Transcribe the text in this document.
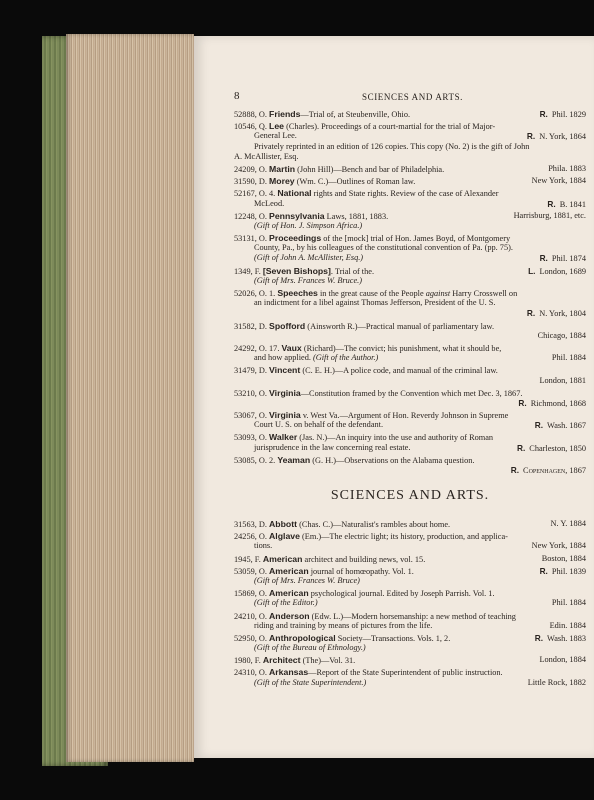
8	SCIENCES AND ARTS.
52888, O. Friends—Trial of, at Steubenville, Ohio.	R. Phil. 1829
10546, Q. Lee (Charles). Proceedings of a court-martial for the trial of Major-
General Lee.	R. N. York, 1864
Privately reprinted in an edition of 126 copies. This copy (No. 2) is the gift of John
A. McAllister, Esq.
24209, O. Martin (John Hill)—Bench and bar of Philadelphia.	Phila. 1883
31590, D. Morey (Wm. C.)—Outlines of Roman law.	New York, 1884
52167, O. 4. National rights and State rights. Review of the case of Alexander
McLeod.	R. B. 1841
12248, O. Pennsylvania Laws, 1881, 1883.	Harrisburg, 1881, etc.
(Gift of Hon. J. Simpson Africa.)
53131, O. Proceedings of the [mock] trial of Hon. James Boyd, of Montgomery
County, Pa., by his colleagues of the constitutional convention of Pa. (pp. 75).
(Gift of John A. McAllister, Esq.)	R. Phil. 1874
1349, F. [Seven Bishops]. Trial of the.	L. London, 1689
(Gift of Mrs. Frances W. Bruce.)
52026, O. 1. Speeches in the great cause of the People against Harry Crosswell on
an indictment for a libel against Thomas Jefferson, President of the U. S.
R. N. York, 1804
31582, D. Spofford (Ainsworth R.)—Practical manual of parliamentary law.
Chicago, 1884
24292, O. 17. Vaux (Richard)—The convict; his punishment, what it should be,
and how applied. (Gift of the Author.)	Phil. 1884
31479, D. Vincent (C. E. H.)—A police code, and manual of the criminal law.
London, 1881
53210, O. Virginia—Constitution framed by the Convention which met Dec. 3, 1867.
R. Richmond, 1868
53067, O. Virginia v. West Va.—Argument of Hon. Reverdy Johnson in Supreme
Court U. S. on behalf of the defendant.	R. Wash. 1867
53093, O. Walker (Jas. N.)—An inquiry into the use and authority of Roman
jurisprudence in the law concerning real estate.	R. Charleston, 1850
53085, O. 2. Yeaman (G. H.)—Observations on the Alabama question.
R. Copenhagen, 1867
SCIENCES AND ARTS.
31563, D. Abbott (Chas. C.)—Naturalist's rambles about home.	N. Y. 1884
24256, O. Alglave (Em.)—The electric light; its history, production, and applica-
tions.	New York, 1884
1945, F. American architect and building news, vol. 15.	Boston, 1884
53059, O. American journal of homœopathy. Vol. 1.	R. Phil. 1839
(Gift of Mrs. Frances W. Bruce)
15869, O. American psychological journal. Edited by Joseph Parrish. Vol. 1.
(Gift of the Editor.)	Phil. 1884
24210, O. Anderson (Edw. L.)—Modern horsemanship: a new method of teaching
riding and training by means of pictures from the life.	Edin. 1884
52950, O. Anthropological Society—Transactions. Vols. 1, 2.	R. Wash. 1883
(Gift of the Bureau of Ethnology.)
1980, F. Architect (The)—Vol. 31.	London, 1884
24310, O. Arkansas—Report of the State Superintendent of public instruction.
(Gift of the State Superintendent.)	Little Rock, 1882
